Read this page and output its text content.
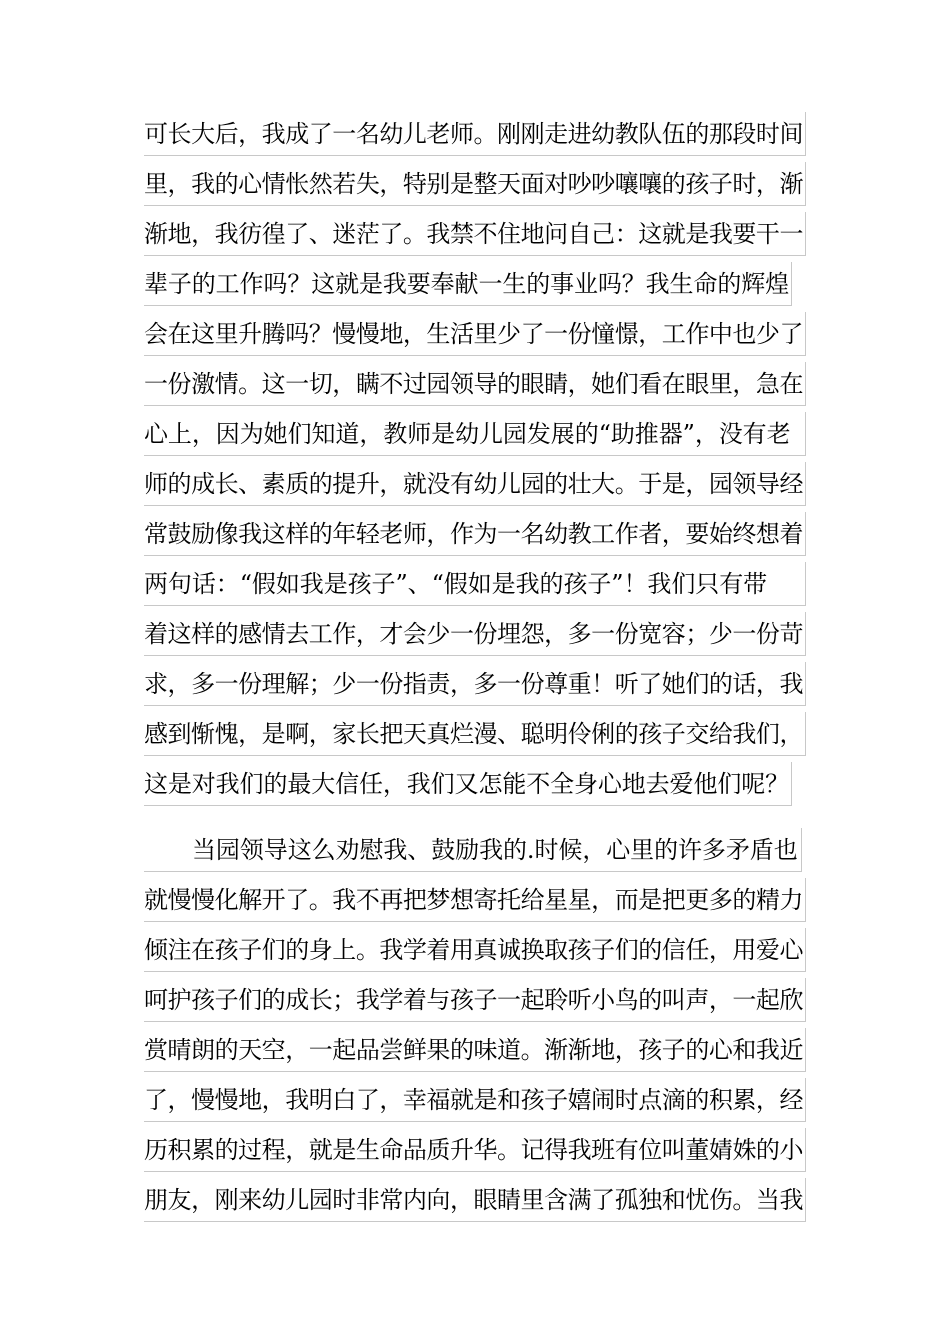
可长大后，我成了一名幼儿老师。刚刚走进幼教队伍的那段时间
里，我的心情怅然若失，特别是整天面对吵吵嚷嚷的孩子时，渐
渐地，我彷徨了、迷茫了。我禁不住地问自己：这就是我要干一
辈子的工作吗？这就是我要奉献一生的事业吗？我生命的辉煌
会在这里升腾吗？慢慢地，生活里少了一份憧憬，工作中也少了
一份激情。这一切，瞒不过园领导的眼睛，她们看在眼里，急在
心上，因为她们知道，教师是幼儿园发展的“助推器”，没有老
师的成长、素质的提升，就没有幼儿园的壮大。于是，园领导经
常鼓励像我这样的年轻老师，作为一名幼教工作者，要始终想着
两句话：“假如我是孩子”、“假如是我的孩子”！我们只有带
着这样的感情去工作，才会少一份埋怨，多一份宽容；少一份苛
求，多一份理解；少一份指责，多一份尊重！听了她们的话，我
感到惭愧，是啊，家长把天真烂漫、聪明伶俐的孩子交给我们，
这是对我们的最大信任，我们又怎能不全身心地去爱他们呢？
当园领导这么劝慰我、鼓励我的.时候，心里的许多矛盾也
就慢慢化解开了。我不再把梦想寄托给星星，而是把更多的精力
倾注在孩子们的身上。我学着用真诚换取孩子们的信任，用爱心
呵护孩子们的成长；我学着与孩子一起聆听小鸟的叫声，一起欣
赏晴朗的天空，一起品尝鲜果的味道。渐渐地，孩子的心和我近
了，慢慢地，我明白了，幸福就是和孩子嬉闹时点滴的积累，经
历积累的过程，就是生命品质升华。记得我班有位叫董婧姝的小
朋友，刚来幼儿园时非常内向，眼睛里含满了孤独和忧伤。当我
